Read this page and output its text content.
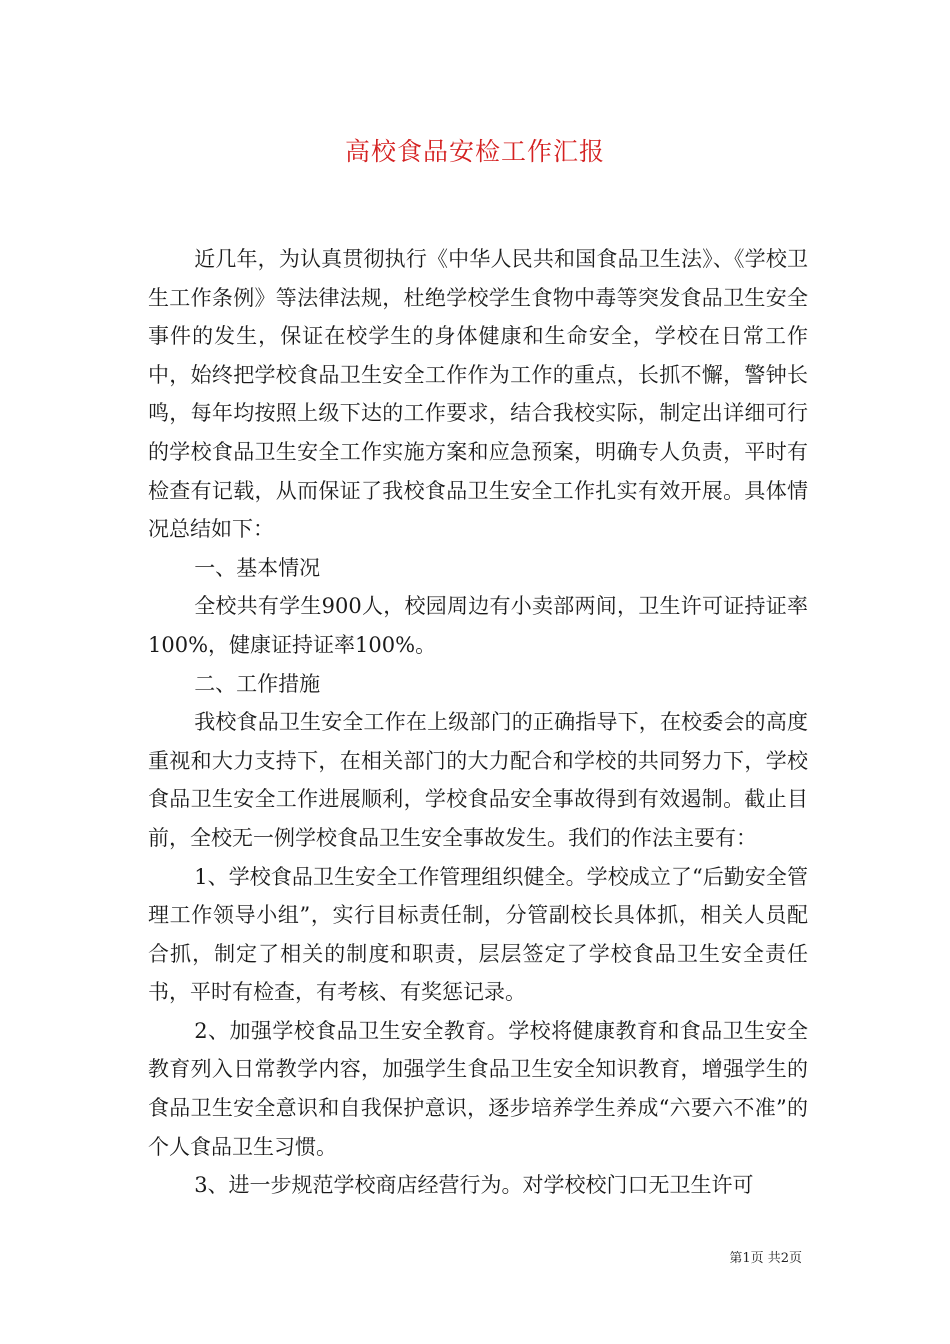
高校食品安检工作汇报

近几年，为认真贯彻执行《中华人民共和国食品卫生法》、《学校卫生工作条例》等法律法规，杜绝学校学生食物中毒等突发食品卫生安全事件的发生，保证在校学生的身体健康和生命安全，学校在日常工作中，始终把学校食品卫生安全工作作为工作的重点，长抓不懈，警钟长鸣，每年均按照上级下达的工作要求，结合我校实际，制定出详细可行的学校食品卫生安全工作实施方案和应急预案，明确专人负责，平时有检查有记载，从而保证了我校食品卫生安全工作扎实有效开展。具体情况总结如下：

一、基本情况

全校共有学生900人，校园周边有小卖部两间，卫生许可证持证率100%，健康证持证率100%。

二、工作措施

我校食品卫生安全工作在上级部门的正确指导下，在校委会的高度重视和大力支持下，在相关部门的大力配合和学校的共同努力下，学校食品卫生安全工作进展顺利，学校食品安全事故得到有效遏制。截止目前，全校无一例学校食品卫生安全事故发生。我们的作法主要有：

1、学校食品卫生安全工作管理组织健全。学校成立了“后勤安全管理工作领导小组”，实行目标责任制，分管副校长具体抓，相关人员配合抓，制定了相关的制度和职责，层层签定了学校食品卫生安全责任书，平时有检查，有考核、有奖惩记录。

2、加强学校食品卫生安全教育。学校将健康教育和食品卫生安全教育列入日常教学内容，加强学生食品卫生安全知识教育，增强学生的食品卫生安全意识和自我保护意识，逐步培养学生养成“六要六不准”的个人食品卫生习惯。

3、进一步规范学校商店经营行为。对学校校门口无卫生许可

第1页 共2页
